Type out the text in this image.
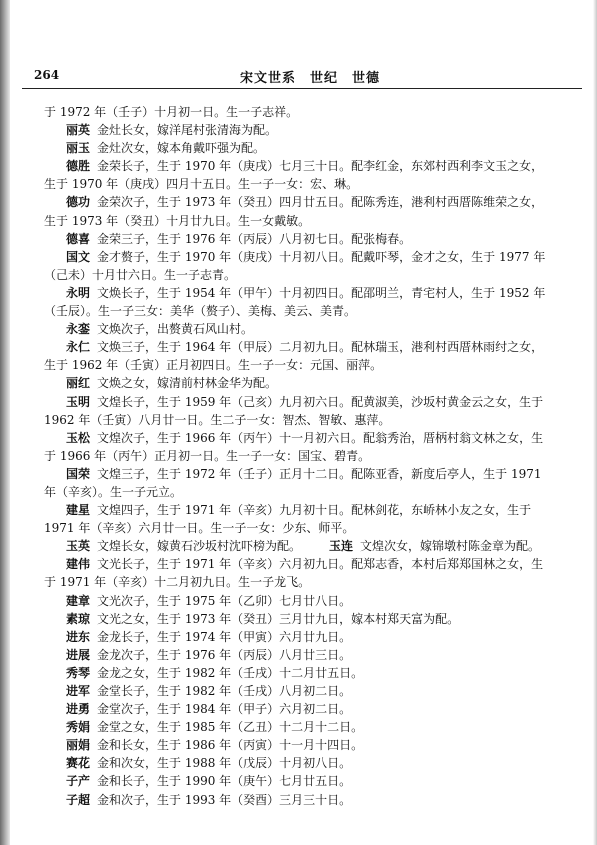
264	宋文世系　世纪　世德
于 1972 年（壬子）十月初一日。生一子志祥。
丽英 金灶长女，嫁洋尾村张清海为配。
丽玉 金灶次女，嫁本角戴吓强为配。
德胜 金荣长子，生于 1970 年（庚戌）七月三十日。配李红金，东郊村西利李文玉之女，
生于 1970 年（庚戌）四月十五日。生一子一女：宏、琳。
德功 金荣次子，生于 1973 年（癸丑）四月廿五日。配陈秀连，港利村西厝陈维荣之女，
生于 1973 年（癸丑）十月廿九日。生一女戴敏。
德喜 金荣三子，生于 1976 年（丙辰）八月初七日。配张梅春。
国文 金才赘子，生于 1970 年（庚戌）十月初八日。配戴吓琴，金才之女，生于 1977 年
（己未）十月廿六日。生一子志青。
永明 文焕长子，生于 1954 年（甲午）十月初四日。配邵明兰，青宅村人，生于 1952 年
（壬辰）。生一子三女：美华（赘子）、美梅、美云、美青。
永銮 文焕次子，出赘黄石风山村。
永仁 文焕三子，生于 1964 年（甲辰）二月初九日。配林瑞玉，港利村西厝林雨纣之女，
生于 1962 年（壬寅）正月初四日。生一子一女：元国、丽萍。
丽红 文焕之女，嫁清前村林金华为配。
玉明 文煌长子，生于 1959 年（己亥）九月初六日。配黄淑美，沙坂村黄金云之女，生于
1962 年（壬寅）八月廿一日。生二子一女：智杰、智敏、惠萍。
玉松 文煌次子，生于 1966 年（丙午）十一月初六日。配翁秀治，厝柄村翁文林之女，生
于 1966 年（丙午）正月初一日。生一子一女：国宝、碧青。
国荣 文煌三子，生于 1972 年（壬子）正月十二日。配陈亚香，新度后亭人，生于 1971
年（辛亥）。生一子元立。
建星 文煌四子，生于 1971 年（辛亥）九月初十日。配林剑花，东峤林小友之女，生于
1971 年（辛亥）六月廿一日。生一子一女：少东、师平。
玉英 文煌长女，嫁黄石沙坂村沈吓榜为配。 玉连 文煌次女，嫁锦墩村陈金章为配。
建伟 文光长子，生于 1971 年（辛亥）六月初九日。配郑志香，本村后郑郑国林之女，生
于 1971 年（辛亥）十二月初九日。生一子龙飞。
建章 文光次子，生于 1975 年（乙卯）七月廿八日。
素琼 文光之女，生于 1973 年（癸丑）三月廿九日，嫁本村郑天富为配。
进东 金龙长子，生于 1974 年（甲寅）六月廿九日。
进展 金龙次子，生于 1976 年（丙辰）八月廿三日。
秀琴 金龙之女，生于 1982 年（壬戌）十二月廿五日。
进军 金堂长子，生于 1982 年（壬戌）八月初二日。
进勇 金堂次子，生于 1984 年（甲子）六月初二日。
秀娟 金堂之女，生于 1985 年（乙丑）十二月十二日。
丽娟 金和长女，生于 1986 年（丙寅）十一月十四日。
赛花 金和次女，生于 1988 年（戊辰）十月初八日。
子产 金和长子，生于 1990 年（庚午）七月廿五日。
子超 金和次子，生于 1993 年（癸酉）三月三十日。
